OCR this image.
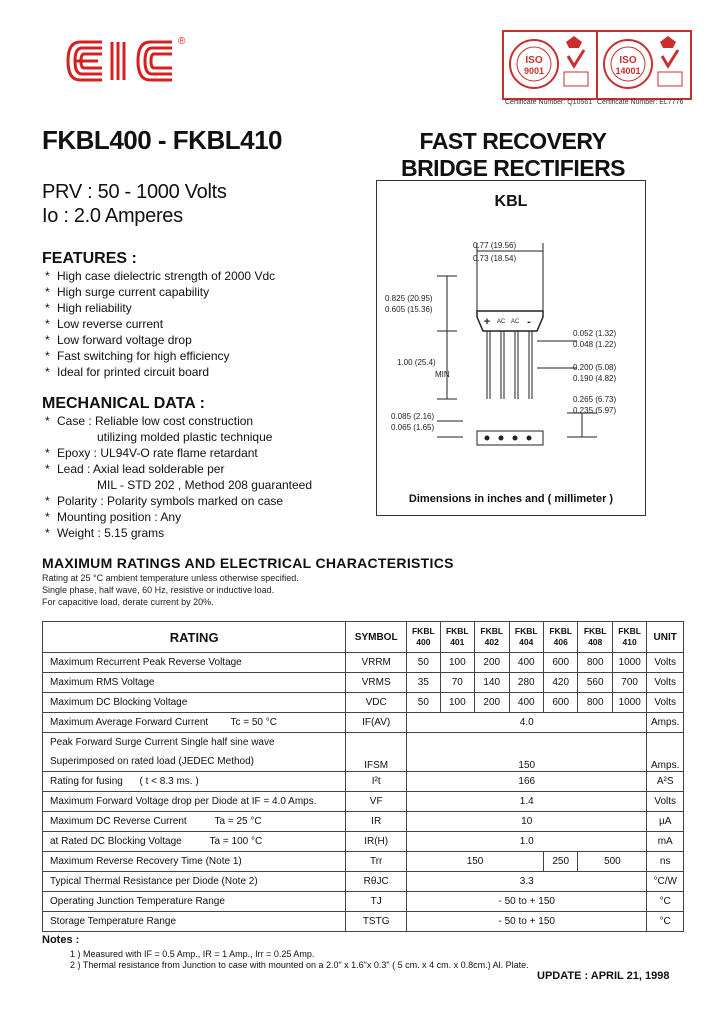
®
ISO
9001
ISO
14001
Certificate Number: Q10561 Certificate Number: EL7776
FKBL400 - FKBL410	FAST RECOVERY
BRIDGE RECTIFIERS
PRV : 50 - 1000 Volts
Io : 2.0 Amperes
FEATURES :
* High case dielectric strength of 2000 Vdc
* High surge current capability
* High reliability
* Low reverse current
* Low forward voltage drop
* Fast switching for high efficiency
* Ideal for printed circuit board
MECHANICAL DATA :
* Case : Reliable low cost construction
utilizing molded plastic technique
* Epoxy : UL94V-O rate flame retardant
* Lead : Axial lead solderable per
MIL - STD 202 , Method 208 guaranteed
* Polarity : Polarity symbols marked on case
* Mounting position : Any
* Weight : 5.15 grams
KBL
+ AC AC -
0.77 (19.56)
0.73 (18.54)
0.825 (20.95)
0.605 (15.36)
0.052 (1.32)
0.048 (1.22)
1.00 (25.4)
MIN
0.200 (5.08)
0.190 (4.82)
0.085 (2.16)
0.065 (1.65)
0.265 (6.73)
0.235 (5.97)
Dimensions in inches and ( millimeter )
MAXIMUM RATINGS AND ELECTRICAL CHARACTERISTICS
Rating at 25 °C ambient temperature unless otherwise specified.
Single phase, half wave, 60 Hz, resistive or inductive load.
For capacitive load, derate current by 20%.
RATING	SYMBOL	FKBL 400	FKBL 401	FKBL 402	FKBL 404	FKBL 406	FKBL 408	FKBL 410	UNIT
Maximum Recurrent Peak Reverse Voltage	VRRM	50	100	200	400	600	800	1000	Volts
Maximum RMS Voltage	VRMS	35	70	140	280	420	560	700	Volts
Maximum DC Blocking Voltage	VDC	50	100	200	400	600	800	1000	Volts
Maximum Average Forward Current Tc = 50 °C	IF(AV)	4.0							Amps.

Peak Forward Surge Current Single half sine wave
Superimposed on rated load (JEDEC Method)	IFSM	150							Amps.
Rating for fusing ( t < 8.3 ms. )	I²t	166							A²S
Maximum Forward Voltage drop per Diode at IF = 4.0 Amps.	VF	1.4							Volts
Maximum DC Reverse Current Ta = 25 °C	IR	10							µA
at Rated DC Blocking Voltage Ta = 100 °C	IR(H)	1.0							mA
Maximum Reverse Recovery Time (Note 1)	Trr	150				250	500		ns
Typical Thermal Resistance per Diode (Note 2)	RθJC	3.3							°C/W
Operating Junction Temperature Range	TJ	- 50 to + 150							°C
Storage Temperature Range	TSTG	- 50 to + 150							°C
Notes :
1 ) Measured with IF = 0.5 Amp., IR = 1 Amp., Irr = 0.25 Amp.
2 ) Thermal resistance from Junction to case with mounted on a 2.0" x 1.6"x 0.3" ( 5 cm. x 4 cm. x 0.8cm.) Al. Plate.
UPDATE : APRIL 21, 1998
